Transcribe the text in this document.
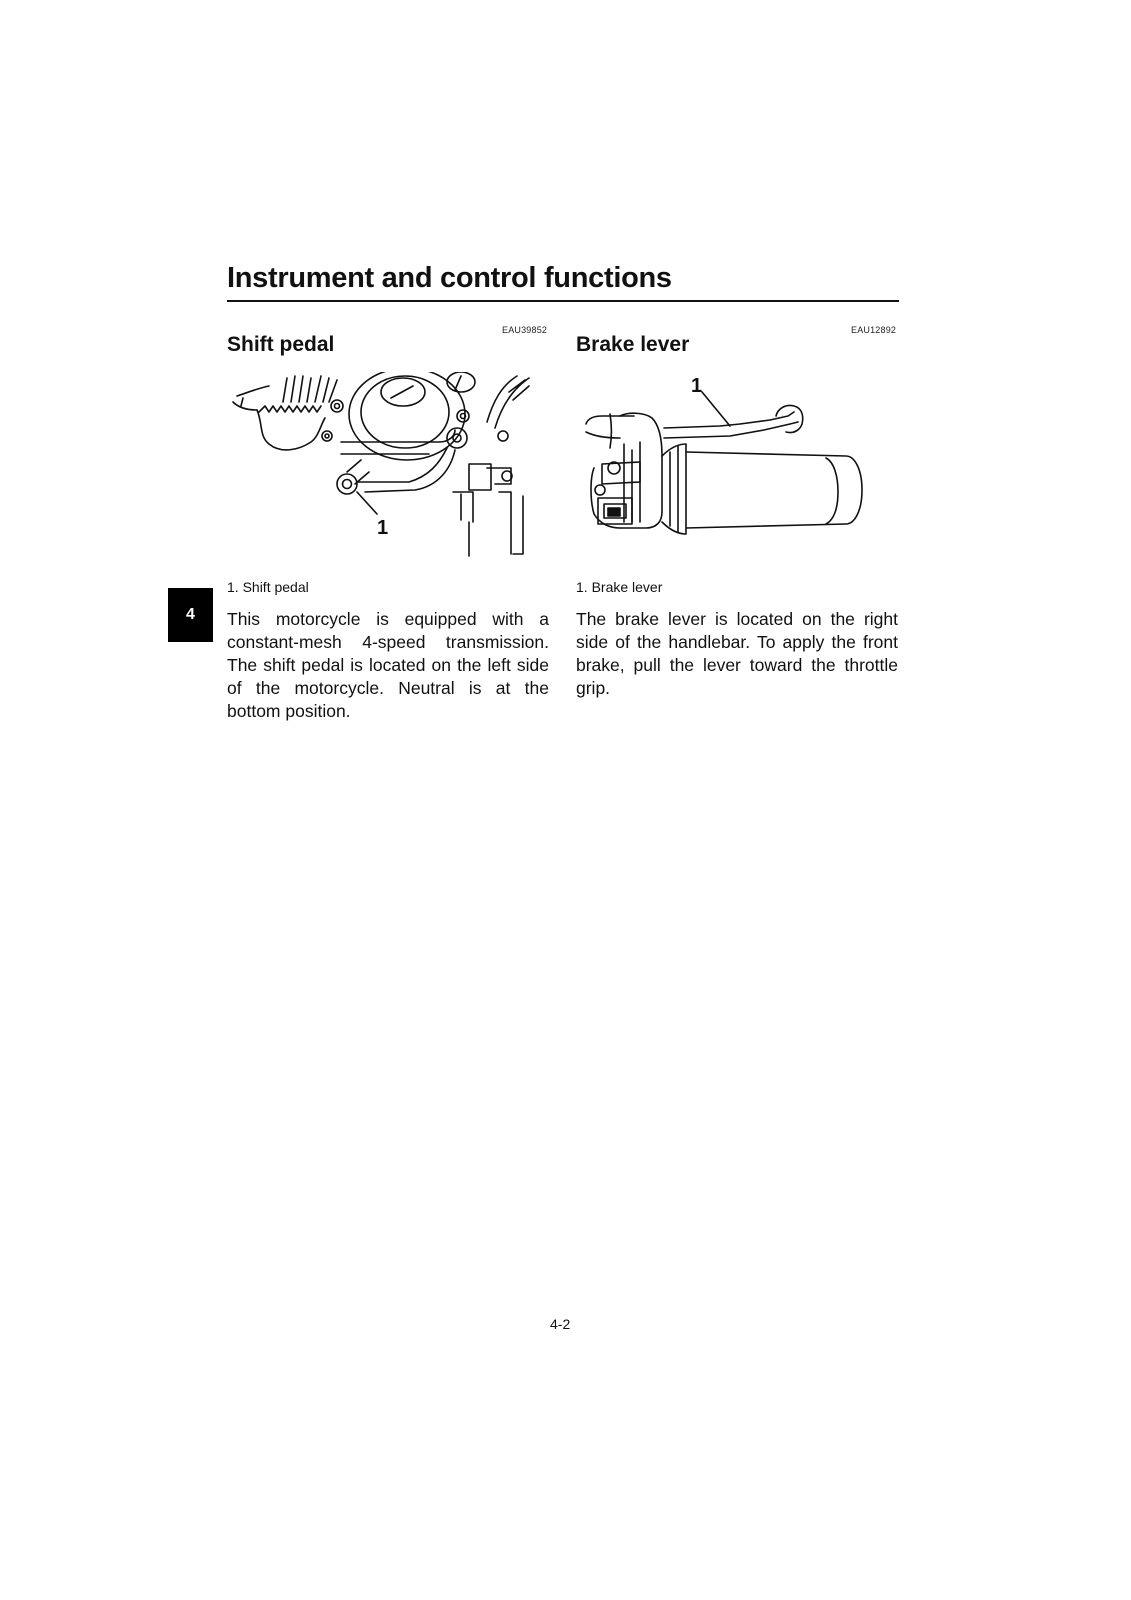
Instrument and control functions
4
EAU39852
Shift pedal
1
1. Shift pedal

This motorcycle is equipped with a constant-mesh 4-speed transmission. The shift pedal is located on the left side of the motorcycle. Neutral is at the bottom position.

EAU12892
Brake lever
1
1. Brake lever

The brake lever is located on the right side of the handlebar. To apply the front brake, pull the lever toward the throttle grip.

4-2
